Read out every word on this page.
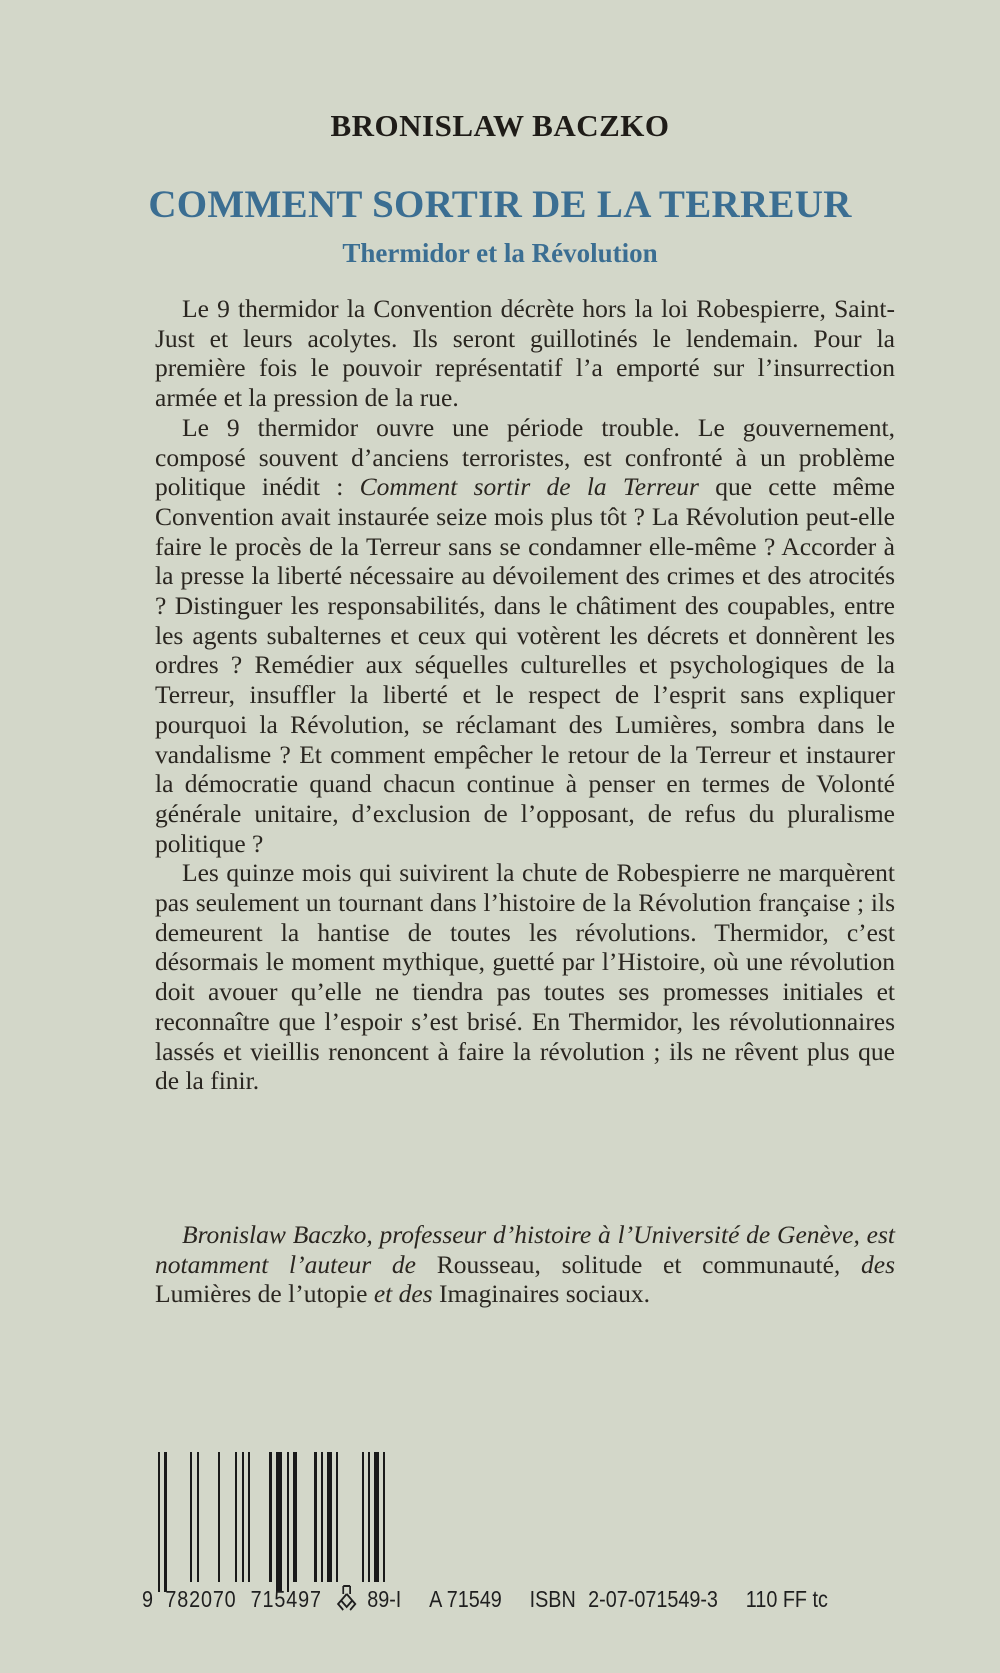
BRONISLAW BACZKO
COMMENT SORTIR DE LA TERREUR
Thermidor et la Révolution

Le 9 thermidor la Convention décrète hors la loi Robespierre, Saint-Just et leurs acolytes. Ils seront guillotinés le lendemain. Pour la première fois le pouvoir représentatif l’a emporté sur l’insurrection armée et la pression de la rue.

Le 9 thermidor ouvre une période trouble. Le gouvernement, composé souvent d’anciens terroristes, est confronté à un problème politique inédit : Comment sortir de la Terreur que cette même Convention avait instaurée seize mois plus tôt ? La Révolution peut-elle faire le procès de la Terreur sans se condamner elle-même ? Accorder à la presse la liberté nécessaire au dévoilement des crimes et des atrocités ? Distinguer les responsabilités, dans le châtiment des coupables, entre les agents subalternes et ceux qui votèrent les décrets et donnèrent les ordres ? Remédier aux séquelles culturelles et psychologiques de la Terreur, insuffler la liberté et le respect de l’esprit sans expliquer pourquoi la Révolution, se réclamant des Lumières, sombra dans le vandalisme ? Et comment empêcher le retour de la Terreur et instaurer la démocratie quand chacun continue à penser en termes de Volonté générale unitaire, d’exclusion de l’opposant, de refus du pluralisme politique ?

Les quinze mois qui suivirent la chute de Robespierre ne marquèrent pas seulement un tournant dans l’histoire de la Révolution française ; ils demeurent la hantise de toutes les révolutions. Thermidor, c’est désormais le moment mythique, guetté par l’Histoire, où une révolution doit avouer qu’elle ne tiendra pas toutes ses promesses initiales et reconnaître que l’espoir s’est brisé. En Thermidor, les révolutionnaires lassés et vieillis renoncent à faire la révolution ; ils ne rêvent plus que de la finir.

Bronislaw Baczko, professeur d’histoire à l’Université de Genève, est notamment l’auteur de Rousseau, solitude et communauté, des Lumières de l’utopie et des Imaginaires sociaux.

9 782070 715497 89-I A 71549 ISBN 2-07-071549-3 110 FF tc
